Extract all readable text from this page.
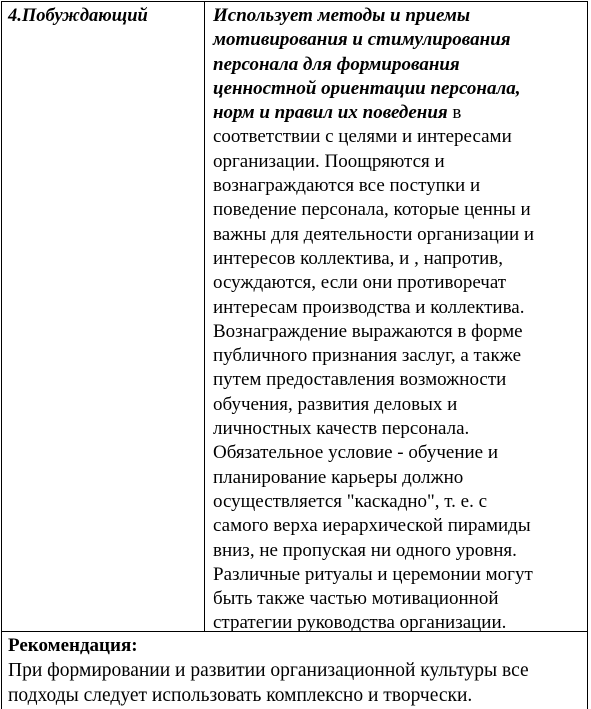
4.Побуждающий	Использует методы и приемы
мотивирования и стимулирования
персонала для формирования
ценностной ориентации персонала,
норм и правил их поведения в
соответствии с целями и интересами
организации. Поощряются и
вознаграждаются все поступки и
поведение персонала, которые ценны и
важны для деятельности организации и
интересов коллектива, и , напротив,
осуждаются, если они противоречат
интересам производства и коллектива.
Вознаграждение выражаются в форме
публичного признания заслуг, а также
путем предоставления возможности
обучения, развития деловых и
личностных качеств персонала.
Обязательное условие - обучение и
планирование карьеры должно
осуществляется "каскадно", т. е. с
самого верха иерархической пирамиды
вниз, не пропуская ни одного уровня.
Различные ритуалы и церемонии могут
быть также частью мотивационной
стратегии руководства организации.
Рекомендация:
При формировании и развитии организационной культуры все
подходы следует использовать комплексно и творчески.
